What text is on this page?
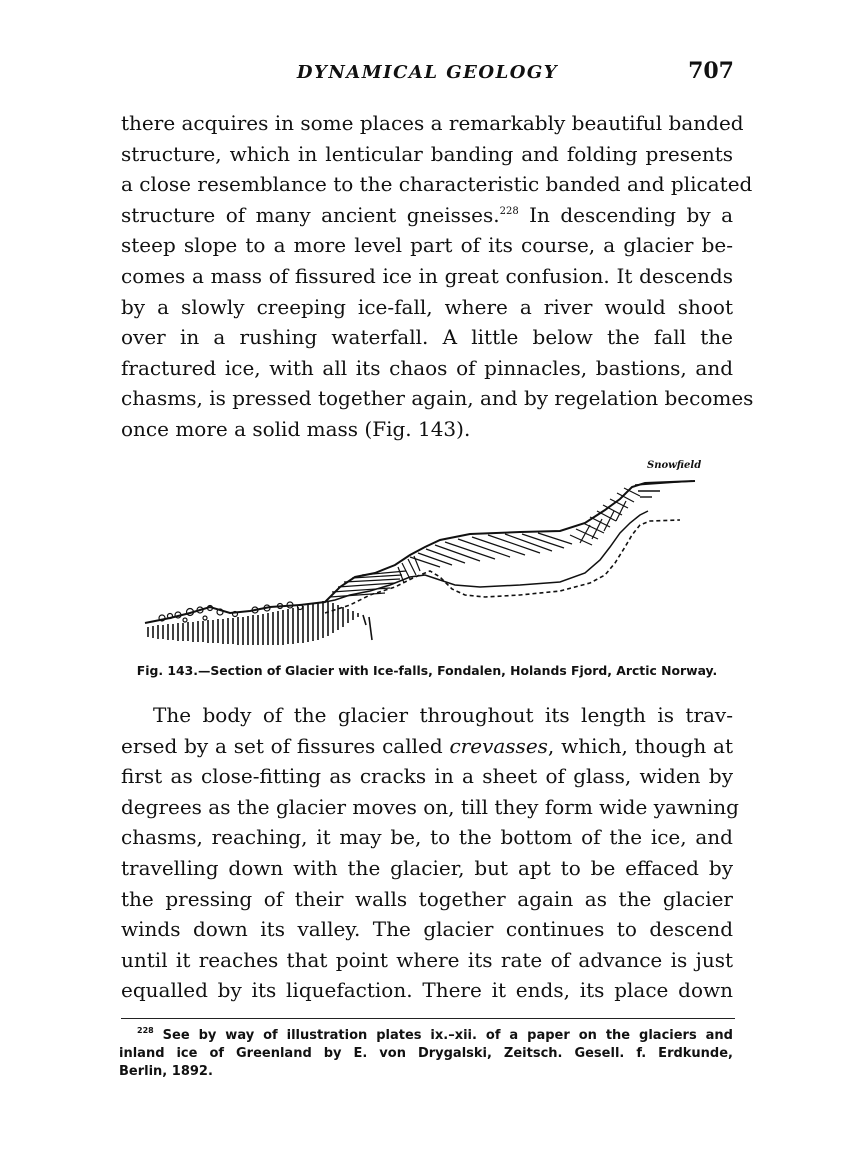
DYNAMICAL GEOLOGY	707
there acquires in some places a remarkably beautiful banded
structure, which in lenticular banding and folding presents
a close resemblance to the characteristic banded and plicated
structure of many ancient gneisses.$^{228}$ In descending by a
steep slope to a more level part of its course, a glacier be-
comes a mass of fissured ice in great confusion. It descends
by a slowly creeping ice-fall, where a river would shoot
over in a rushing waterfall. A little below the fall the
fractured ice, with all its chaos of pinnacles, bastions, and
chasms, is pressed together again, and by regelation becomes
once more a solid mass (Fig. 143).
Snowfield
Fig. 143.—Section of Glacier with Ice-falls, Fondalen, Holands Fjord, Arctic Norway.
The body of the glacier throughout its length is trav-
ersed by a set of fissures called crevasses, which, though at
first as close-fitting as cracks in a sheet of glass, widen by
degrees as the glacier moves on, till they form wide yawning
chasms, reaching, it may be, to the bottom of the ice, and
travelling down with the glacier, but apt to be effaced by
the pressing of their walls together again as the glacier
winds down its valley. The glacier continues to descend
until it reaches that point where its rate of advance is just
equalled by its liquefaction. There it ends, its place down
$^{228}$ See by way of illustration plates ix.–xii. of a paper on the glaciers and
inland ice of Greenland by E. von Drygalski, Zeitsch. Gesell. f. Erdkunde,
Berlin, 1892.
